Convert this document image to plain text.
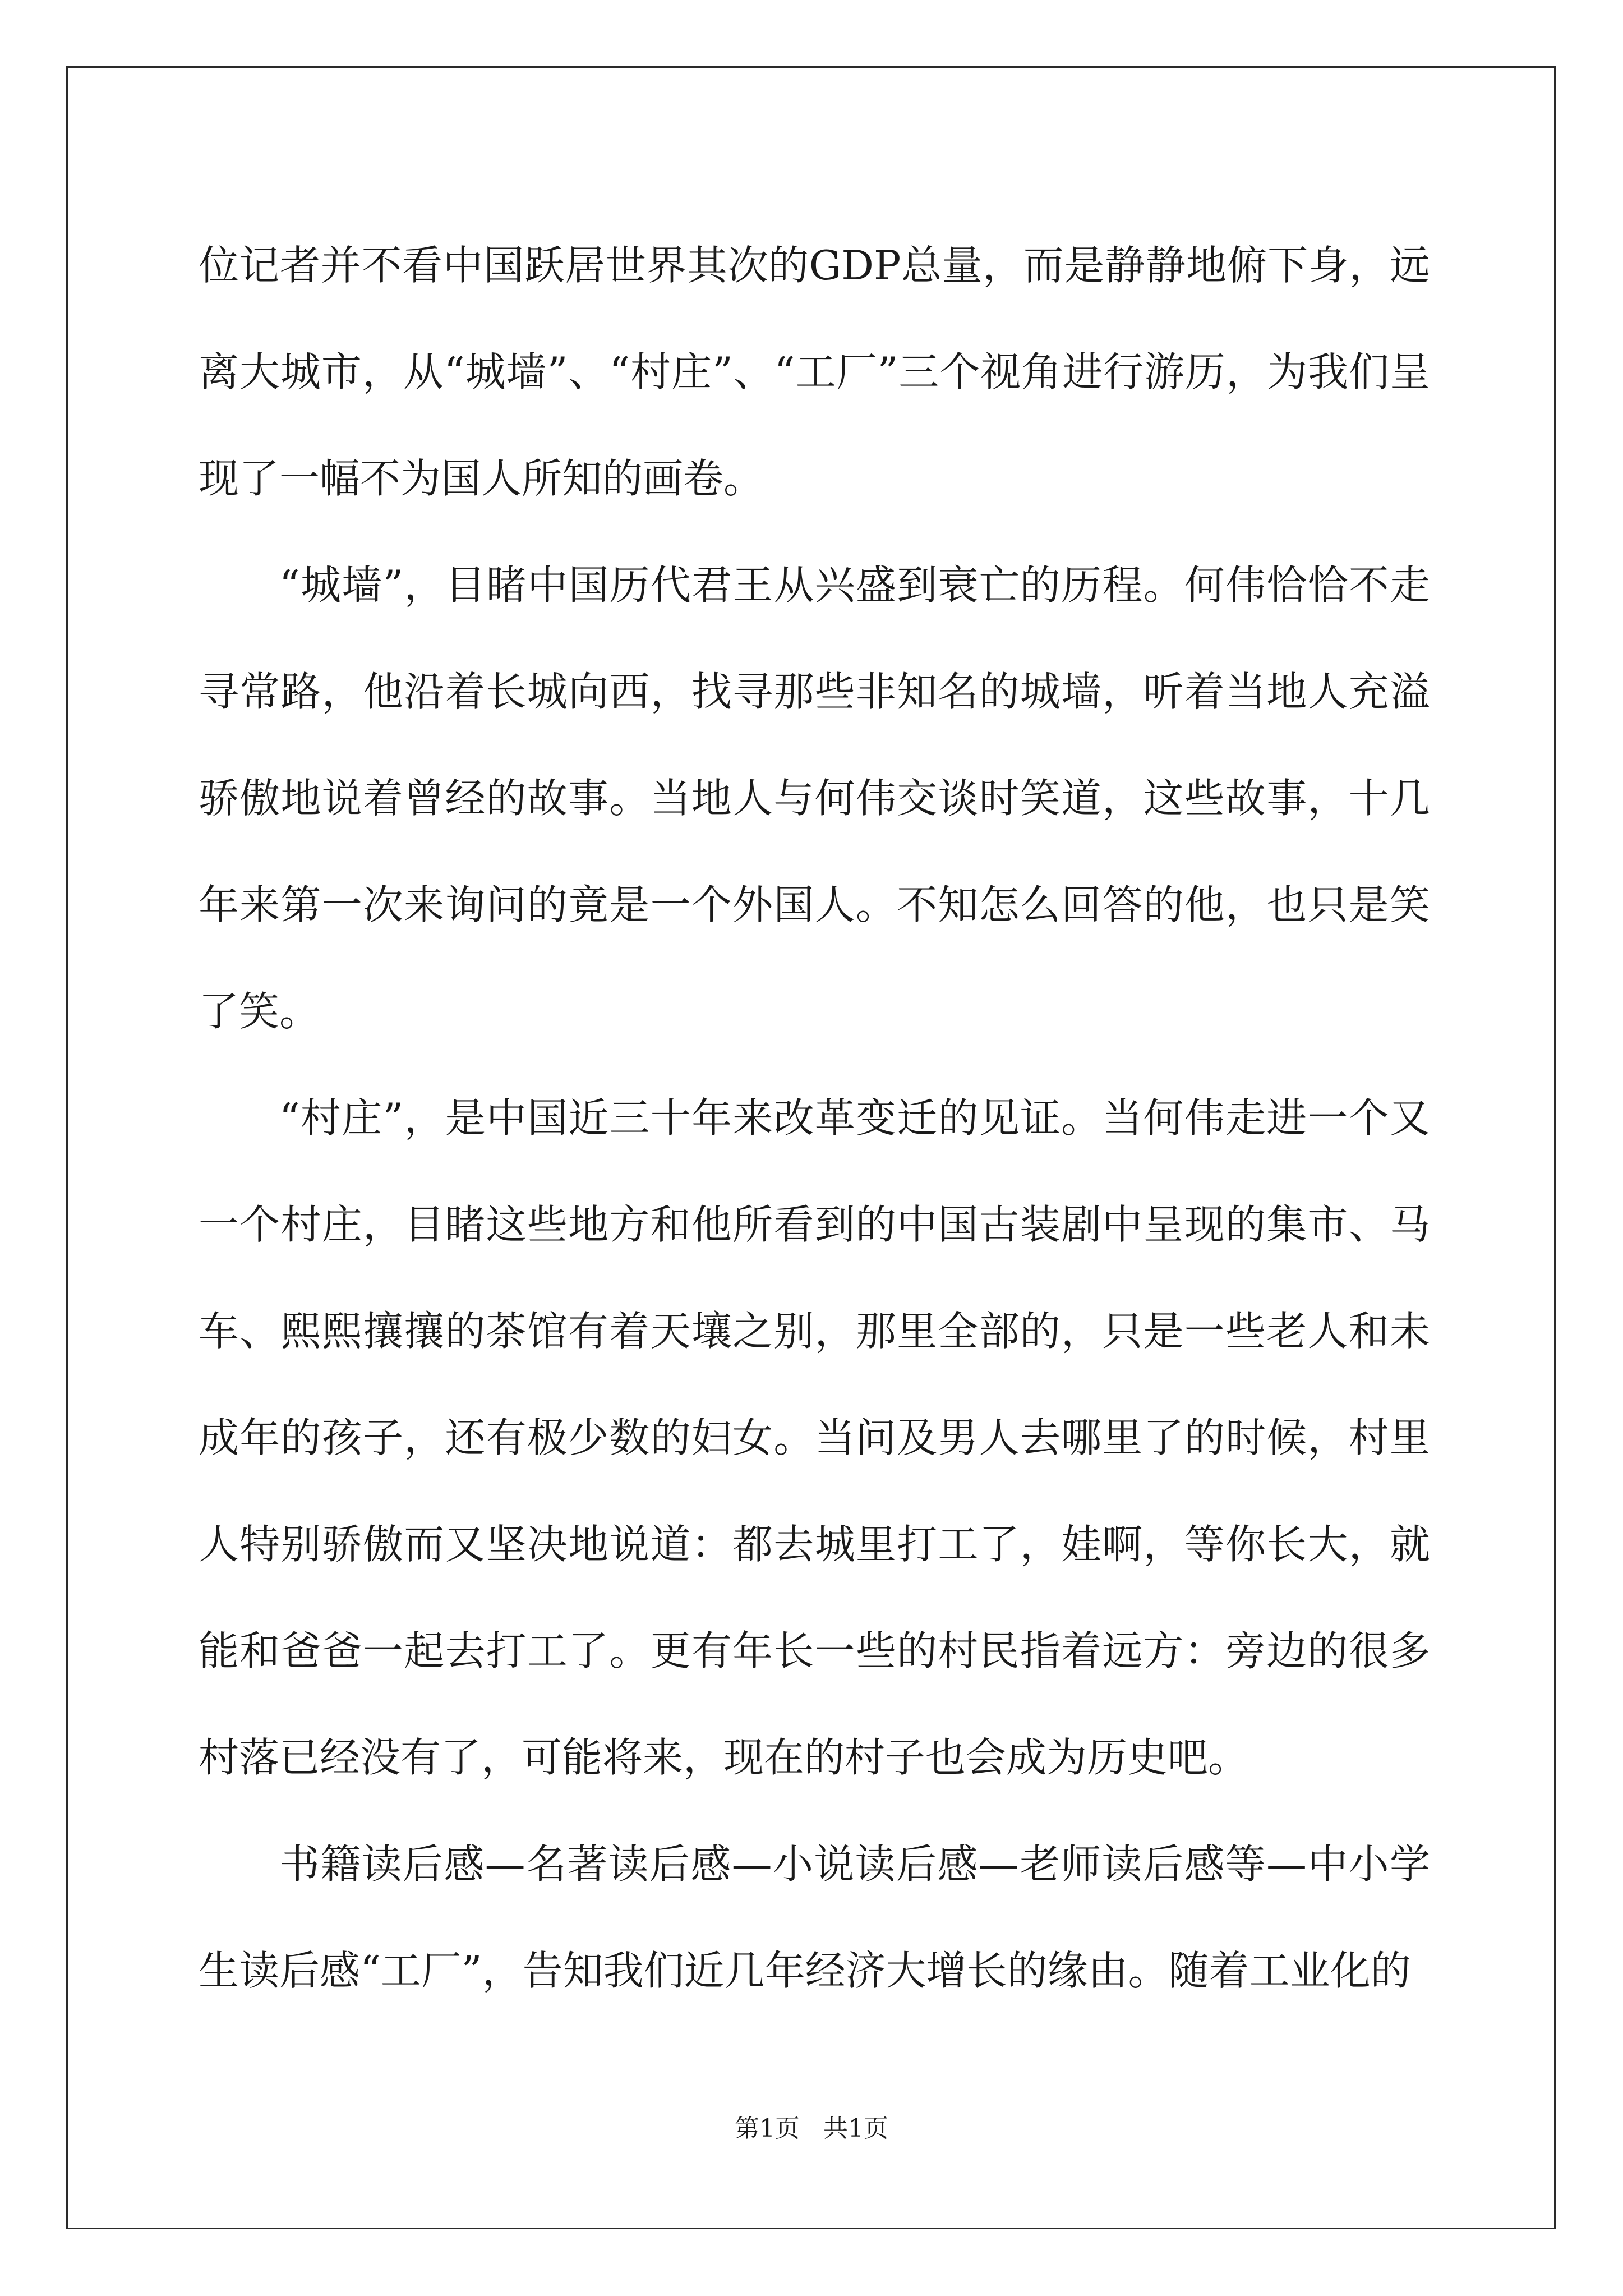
位记者并不看中国跃居世界其次的GDP总量，而是静静地俯下身，远离大城市，从“城墙”、“村庄”、“工厂”三个视角进行游历，为我们呈现了一幅不为国人所知的画卷。

“城墙”，目睹中国历代君王从兴盛到衰亡的历程。何伟恰恰不走寻常路，他沿着长城向西，找寻那些非知名的城墙，听着当地人充溢骄傲地说着曾经的故事。当地人与何伟交谈时笑道，这些故事，十几年来第一次来询问的竟是一个外国人。不知怎么回答的他，也只是笑了笑。

“村庄”，是中国近三十年来改革变迁的见证。当何伟走进一个又一个村庄，目睹这些地方和他所看到的中国古装剧中呈现的集市、马车、熙熙攘攘的茶馆有着天壤之别，那里全部的，只是一些老人和未成年的孩子，还有极少数的妇女。当问及男人去哪里了的时候，村里人特别骄傲而又坚决地说道：都去城里打工了，娃啊，等你长大，就能和爸爸一起去打工了。更有年长一些的村民指着远方：旁边的很多村落已经没有了，可能将来，现在的村子也会成为历史吧。

书籍读后感—名著读后感—小说读后感—老师读后感等—中小学生读后感“工厂”，告知我们近几年经济大增长的缘由。随着工业化的

第1页   共1页
